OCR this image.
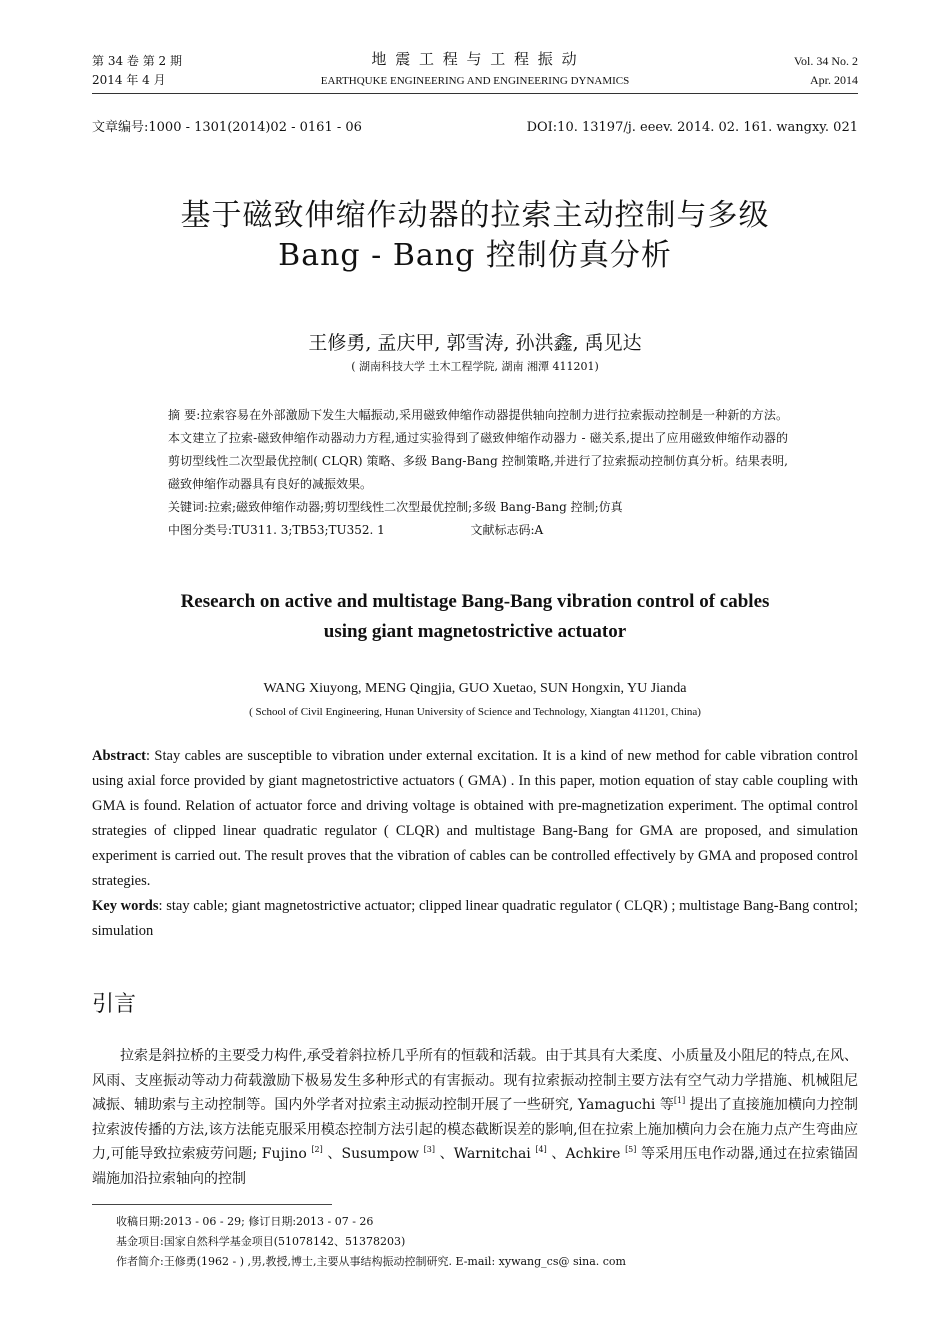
第 34 卷 第 2 期
2014 年 4 月
地 震 工 程 与 工 程 振 动
EARTHQUKE ENGINEERING AND ENGINEERING DYNAMICS
Vol. 34 No. 2
Apr. 2014
文章编号:1000 - 1301(2014)02 - 0161 - 06	DOI:10. 13197/j. eeev. 2014. 02. 161. wangxy. 021
基于磁致伸缩作动器的拉索主动控制与多级
Bang - Bang 控制仿真分析
王修勇, 孟庆甲, 郭雪涛, 孙洪鑫, 禹见达
( 湖南科技大学 土木工程学院, 湖南 湘潭 411201)
摘 要:拉索容易在外部激励下发生大幅振动,采用磁致伸缩作动器提供轴向控制力进行拉索振动控制是一种新的方法。本文建立了拉索-磁致伸缩作动器动力方程,通过实验得到了磁致伸缩作动器力 - 磁关系,提出了应用磁致伸缩作动器的剪切型线性二次型最优控制( CLQR) 策略、多级 Bang-Bang 控制策略,并进行了拉索振动控制仿真分析。结果表明,磁致伸缩作动器具有良好的减振效果。
关键词:拉索;磁致伸缩作动器;剪切型线性二次型最优控制;多级 Bang-Bang 控制;仿真
中图分类号:TU311. 3;TB53;TU352. 1	文献标志码:A
Research on active and multistage Bang-Bang vibration control of cables
using giant magnetostrictive actuator
WANG Xiuyong, MENG Qingjia, GUO Xuetao, SUN Hongxin, YU Jianda
( School of Civil Engineering, Hunan University of Science and Technology, Xiangtan 411201, China)
Abstract: Stay cables are susceptible to vibration under external excitation. It is a kind of new method for cable vibration control using axial force provided by giant magnetostrictive actuators ( GMA) . In this paper, motion equation of stay cable coupling with GMA is found. Relation of actuator force and driving voltage is obtained with pre-magnetization experiment. The optimal control strategies of clipped linear quadratic regulator ( CLQR) and multistage Bang-Bang for GMA are proposed, and simulation experiment is carried out. The result proves that the vibration of cables can be controlled effectively by GMA and proposed control strategies.
Key words: stay cable; giant magnetostrictive actuator; clipped linear quadratic regulator ( CLQR) ; multistage Bang-Bang control; simulation
引言
拉索是斜拉桥的主要受力构件,承受着斜拉桥几乎所有的恒载和活载。由于其具有大柔度、小质量及小阻尼的特点,在风、风雨、支座振动等动力荷载激励下极易发生多种形式的有害振动。现有拉索振动控制主要方法有空气动力学措施、机械阻尼减振、辅助索与主动控制等。国内外学者对拉索主动振动控制开展了一些研究, Yamaguchi 等[1] 提出了直接施加横向力控制拉索波传播的方法,该方法能克服采用模态控制方法引起的模态截断误差的影响,但在拉索上施加横向力会在施力点产生弯曲应力,可能导致拉索疲劳问题; Fujino [2] 、Susumpow [3] 、Warnitchai [4] 、Achkire [5] 等采用压电作动器,通过在拉索锚固端施加沿拉索轴向的控制
收稿日期:2013 - 06 - 29; 修订日期:2013 - 07 - 26
基金项目:国家自然科学基金项目(51078142、51378203)
作者简介:王修勇(1962 - ) ,男,教授,博士,主要从事结构振动控制研究. E-mail: xywang_cs@ sina. com
